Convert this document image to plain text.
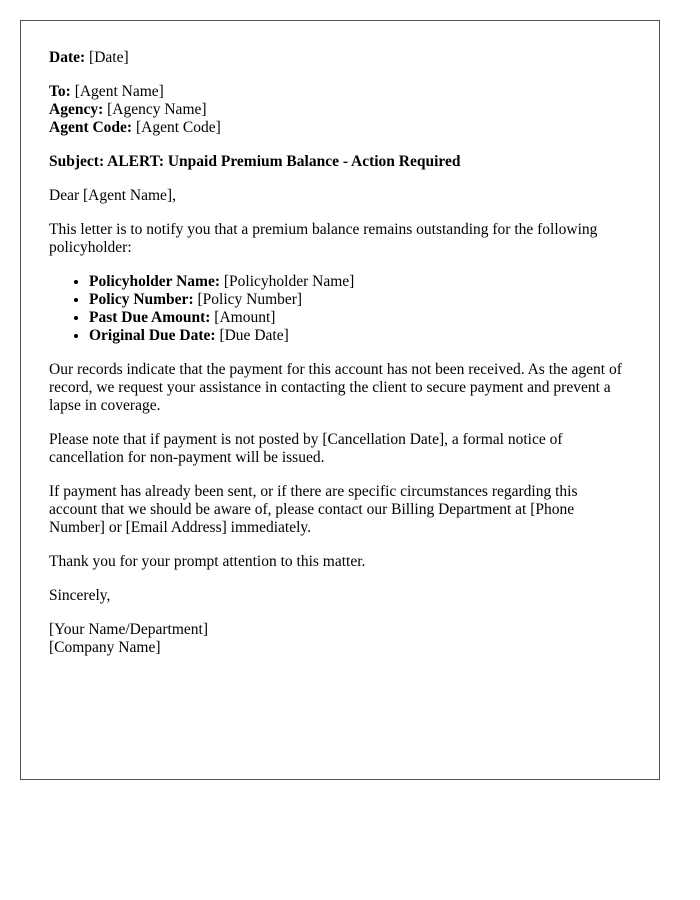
Date: [Date]
To: [Agent Name]
Agency: [Agency Name]
Agent Code: [Agent Code]

Subject: ALERT: Unpaid Premium Balance - Action Required

Dear [Agent Name],

This letter is to notify you that a premium balance remains outstanding for the following policyholder:

• Policyholder Name: [Policyholder Name]
• Policy Number: [Policy Number]
• Past Due Amount: [Amount]
• Original Due Date: [Due Date]

Our records indicate that the payment for this account has not been received. As the agent of record, we request your assistance in contacting the client to secure payment and prevent a lapse in coverage.

Please note that if payment is not posted by [Cancellation Date], a formal notice of cancellation for non-payment will be issued.

If payment has already been sent, or if there are specific circumstances regarding this account that we should be aware of, please contact our Billing Department at [Phone Number] or [Email Address] immediately.

Thank you for your prompt attention to this matter.

Sincerely,

[Your Name/Department]
[Company Name]
